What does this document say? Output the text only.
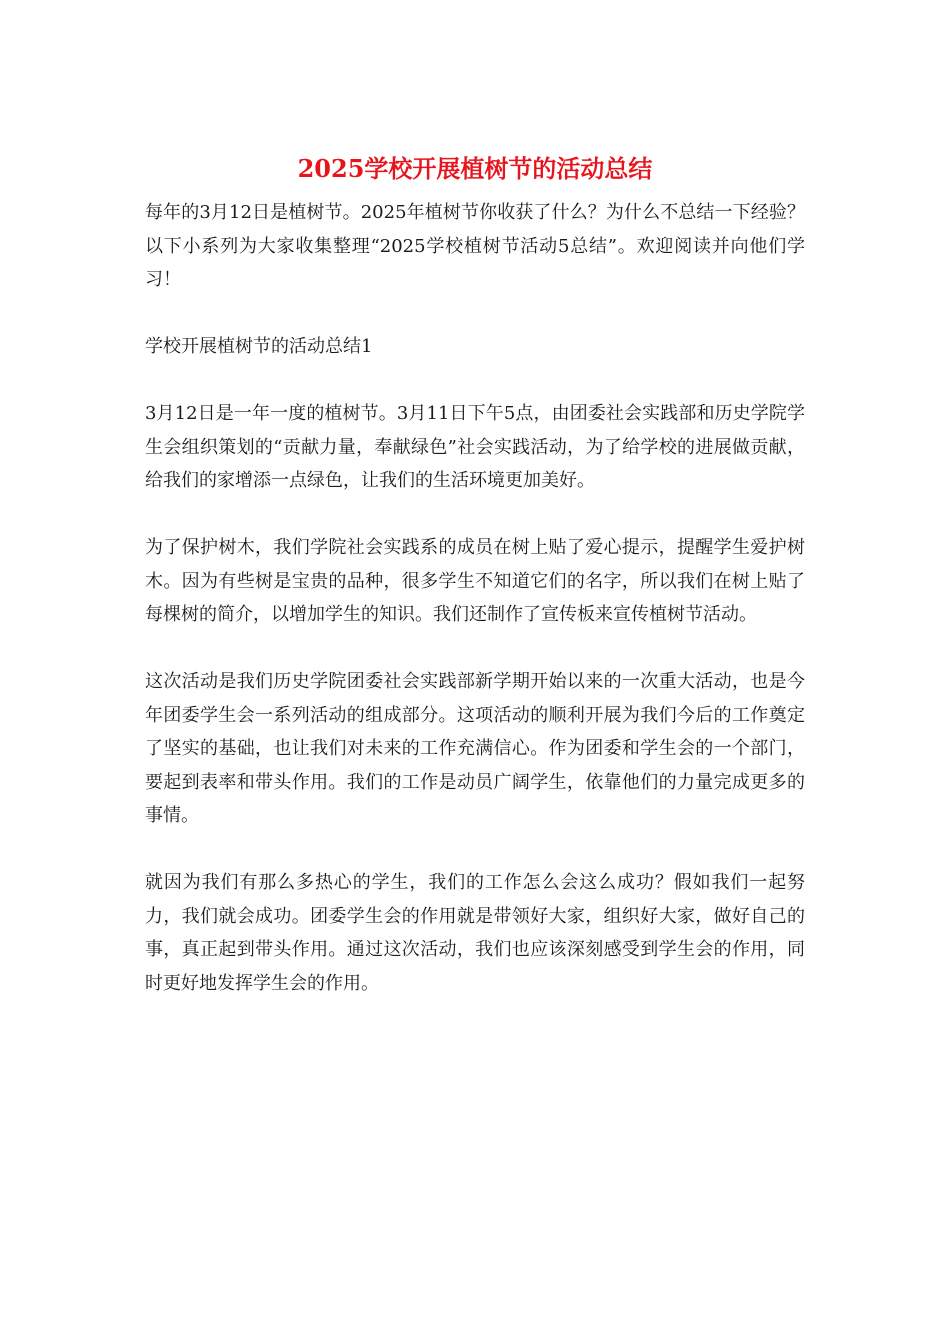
2025学校开展植树节的活动总结

每年的3月12日是植树节。2025年植树节你收获了什么？为什么不总结一下经验？以下小系列为大家收集整理“2025学校植树节活动5总结”。欢迎阅读并向他们学习！

学校开展植树节的活动总结1

3月12日是一年一度的植树节。3月11日下午5点，由团委社会实践部和历史学院学生会组织策划的“贡献力量，奉献绿色”社会实践活动，为了给学校的进展做贡献，给我们的家增添一点绿色，让我们的生活环境更加美好。

为了保护树木，我们学院社会实践系的成员在树上贴了爱心提示，提醒学生爱护树木。因为有些树是宝贵的品种，很多学生不知道它们的名字，所以我们在树上贴了每棵树的简介，以增加学生的知识。我们还制作了宣传板来宣传植树节活动。

这次活动是我们历史学院团委社会实践部新学期开始以来的一次重大活动，也是今年团委学生会一系列活动的组成部分。这项活动的顺利开展为我们今后的工作奠定了坚实的基础，也让我们对未来的工作充满信心。作为团委和学生会的一个部门，要起到表率和带头作用。我们的工作是动员广阔学生，依靠他们的力量完成更多的事情。

就因为我们有那么多热心的学生，我们的工作怎么会这么成功？假如我们一起努力，我们就会成功。团委学生会的作用就是带领好大家，组织好大家，做好自己的事，真正起到带头作用。通过这次活动，我们也应该深刻感受到学生会的作用，同时更好地发挥学生会的作用。
